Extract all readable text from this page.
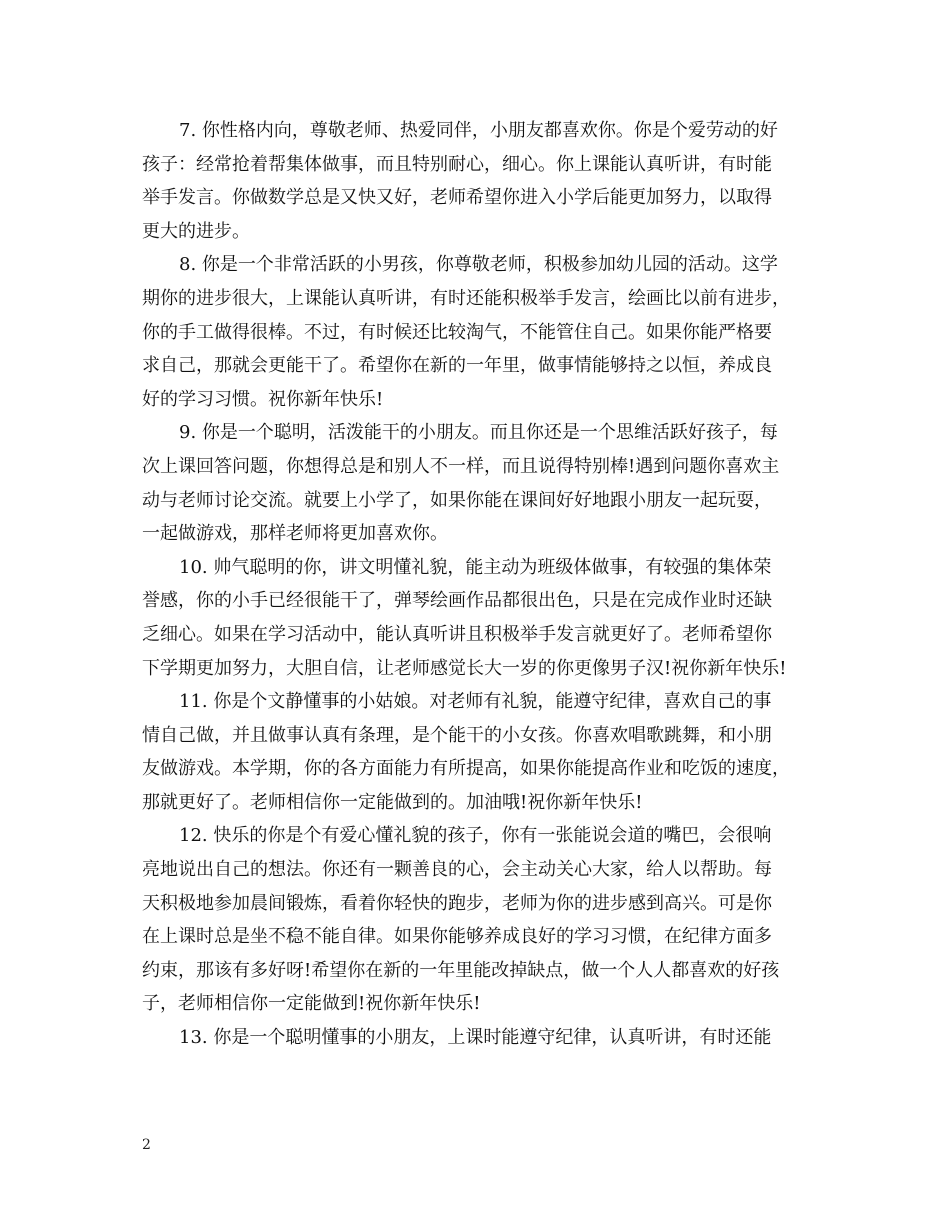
7. 你性格内向，尊敬老师、热爱同伴，小朋友都喜欢你。你是个爱劳动的好
孩子：经常抢着帮集体做事，而且特别耐心，细心。你上课能认真听讲，有时能
举手发言。你做数学总是又快又好，老师希望你进入小学后能更加努力，以取得
更大的进步。
8. 你是一个非常活跃的小男孩，你尊敬老师，积极参加幼儿园的活动。这学
期你的进步很大，上课能认真听讲，有时还能积极举手发言，绘画比以前有进步，
你的手工做得很棒。不过，有时候还比较淘气，不能管住自己。如果你能严格要
求自己，那就会更能干了。希望你在新的一年里，做事情能够持之以恒，养成良
好的学习习惯。祝你新年快乐!
9. 你是一个聪明，活泼能干的小朋友。而且你还是一个思维活跃好孩子，每
次上课回答问题，你想得总是和别人不一样，而且说得特别棒!遇到问题你喜欢主
动与老师讨论交流。就要上小学了，如果你能在课间好好地跟小朋友一起玩耍，
一起做游戏，那样老师将更加喜欢你。
10. 帅气聪明的你，讲文明懂礼貌，能主动为班级体做事，有较强的集体荣
誉感，你的小手已经很能干了，弹琴绘画作品都很出色，只是在完成作业时还缺
乏细心。如果在学习活动中，能认真听讲且积极举手发言就更好了。老师希望你
下学期更加努力，大胆自信，让老师感觉长大一岁的你更像男子汉!祝你新年快乐!
11. 你是个文静懂事的小姑娘。对老师有礼貌，能遵守纪律，喜欢自己的事
情自己做，并且做事认真有条理，是个能干的小女孩。你喜欢唱歌跳舞，和小朋
友做游戏。本学期，你的各方面能力有所提高，如果你能提高作业和吃饭的速度，
那就更好了。老师相信你一定能做到的。加油哦!祝你新年快乐!
12. 快乐的你是个有爱心懂礼貌的孩子，你有一张能说会道的嘴巴，会很响
亮地说出自己的想法。你还有一颗善良的心，会主动关心大家，给人以帮助。每
天积极地参加晨间锻炼，看着你轻快的跑步，老师为你的进步感到高兴。可是你
在上课时总是坐不稳不能自律。如果你能够养成良好的学习习惯，在纪律方面多
约束，那该有多好呀!希望你在新的一年里能改掉缺点，做一个人人都喜欢的好孩
子，老师相信你一定能做到!祝你新年快乐!
13. 你是一个聪明懂事的小朋友，上课时能遵守纪律，认真听讲，有时还能
2
